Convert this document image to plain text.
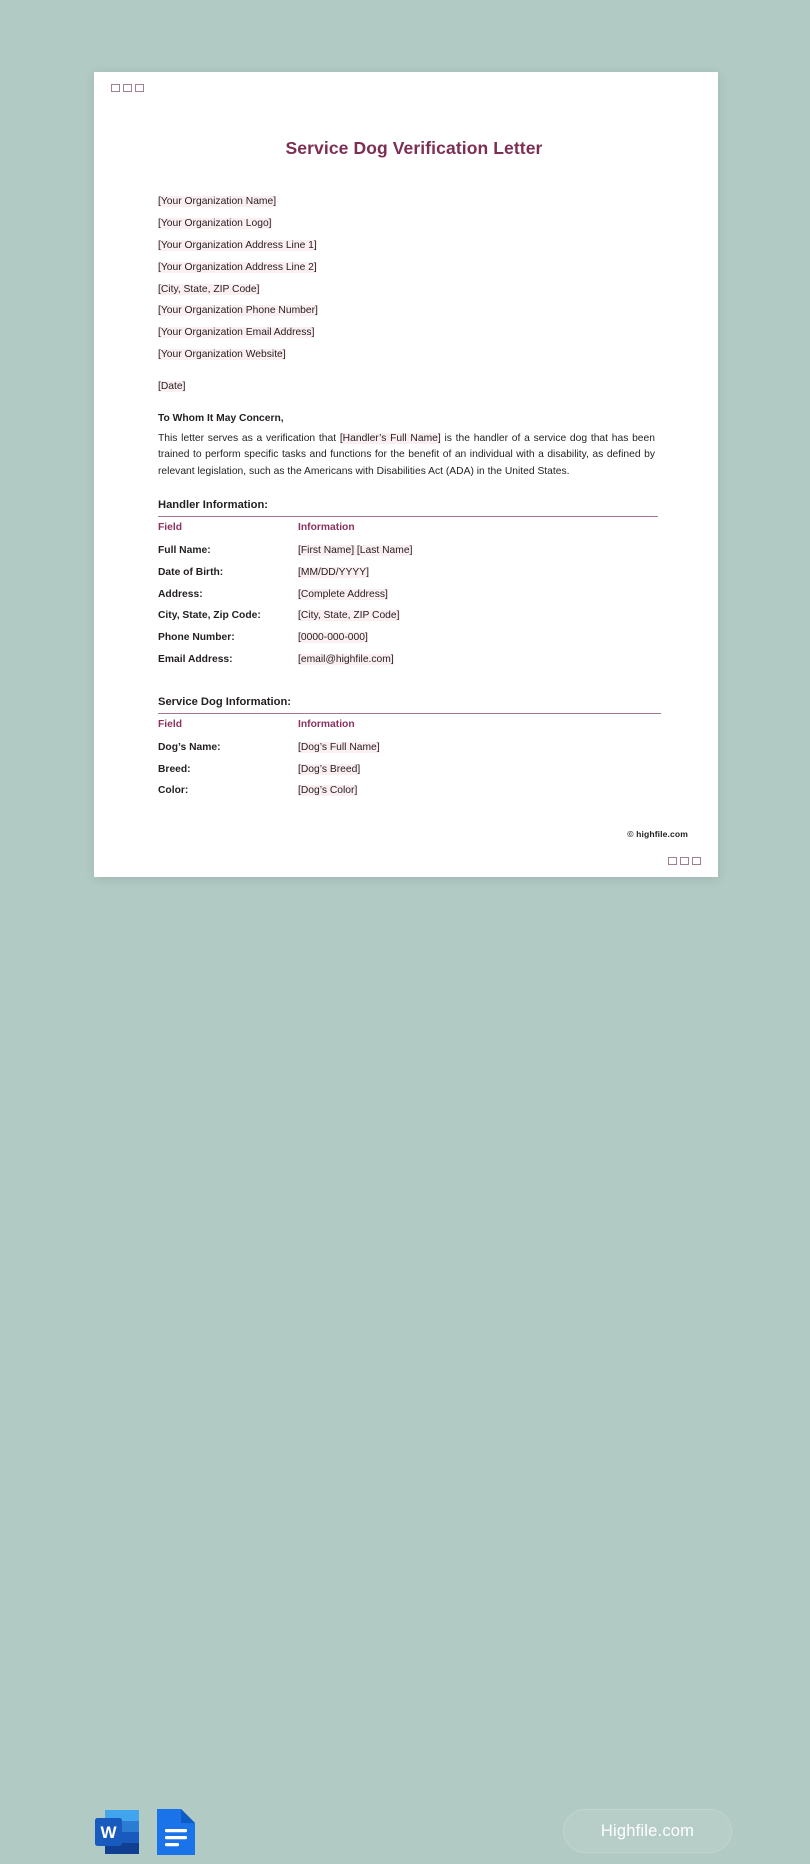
Service Dog Verification Letter
[Your Organization Name]
[Your Organization Logo]
[Your Organization Address Line 1]
[Your Organization Address Line 2]
[City, State, ZIP Code]
[Your Organization Phone Number]
[Your Organization Email Address]
[Your Organization Website]
[Date]
To Whom It May Concern,

This letter serves as a verification that [Handler’s Full Name] is the handler of a service dog that has been trained to perform specific tasks and functions for the benefit of an individual with a disability, as defined by relevant legislation, such as the Americans with Disabilities Act (ADA) in the United States.

Handler Information:
Field	Information
Full Name:	[First Name] [Last Name]
Date of Birth:	[MM/DD/YYYY]
Address:	[Complete Address]
City, State, Zip Code:	[City, State, ZIP Code]
Phone Number:	[0000-000-000]
Email Address:	[email@highfile.com]
Service Dog Information:
Field	Information
Dog’s Name:	[Dog’s Full Name]
Breed:	[Dog’s Breed]
Color:	[Dog’s Color]
© highfile.com
W	Highfile.com
